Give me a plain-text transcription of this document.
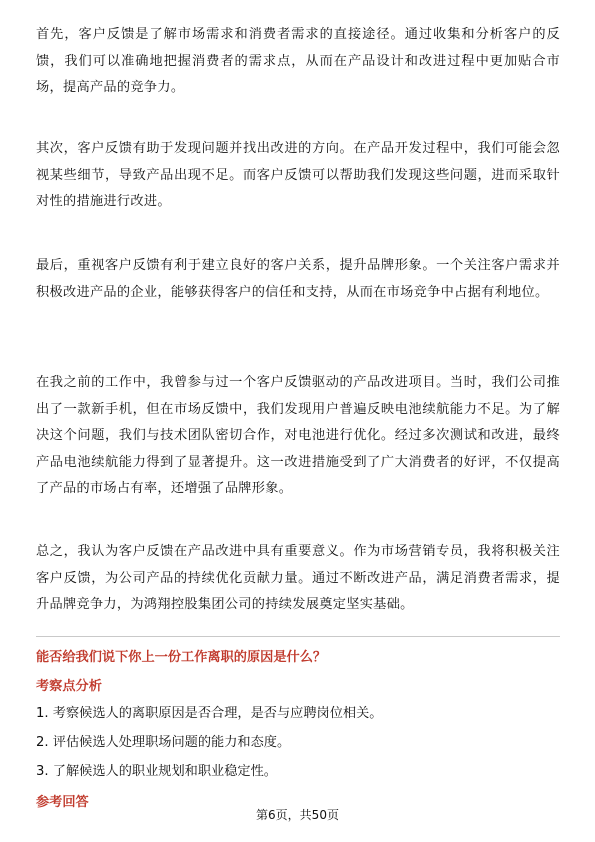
首先，客户反馈是了解市场需求和消费者需求的直接途径。通过收集和分析客户的反馈，我们可以准确地把握消费者的需求点，从而在产品设计和改进过程中更加贴合市场，提高产品的竞争力。

其次，客户反馈有助于发现问题并找出改进的方向。在产品开发过程中，我们可能会忽视某些细节，导致产品出现不足。而客户反馈可以帮助我们发现这些问题，进而采取针对性的措施进行改进。

最后，重视客户反馈有利于建立良好的客户关系，提升品牌形象。一个关注客户需求并积极改进产品的企业，能够获得客户的信任和支持，从而在市场竞争中占据有利地位。

在我之前的工作中，我曾参与过一个客户反馈驱动的产品改进项目。当时，我们公司推出了一款新手机，但在市场反馈中，我们发现用户普遍反映电池续航能力不足。为了解决这个问题，我们与技术团队密切合作，对电池进行优化。经过多次测试和改进，最终产品电池续航能力得到了显著提升。这一改进措施受到了广大消费者的好评，不仅提高了产品的市场占有率，还增强了品牌形象。

总之，我认为客户反馈在产品改进中具有重要意义。作为市场营销专员，我将积极关注客户反馈，为公司产品的持续优化贡献力量。通过不断改进产品，满足消费者需求，提升品牌竞争力，为鸿翔控股集团公司的持续发展奠定坚实基础。

能否给我们说下你上一份工作离职的原因是什么？

考察点分析

1. 考察候选人的离职原因是否合理，是否与应聘岗位相关。

2. 评估候选人处理职场问题的能力和态度。

3. 了解候选人的职业规划和职业稳定性。

参考回答

第6页，共50页
